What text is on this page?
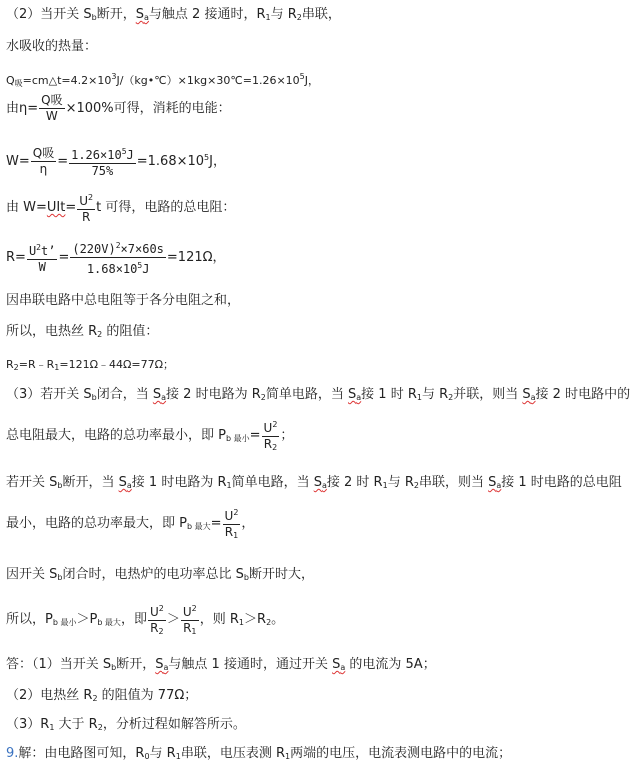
（2）当开关 $S_b$断开，$S_a$与触点 2 接通时，$R_1$与 $R_2$串联，
水吸收的热量：
$Q_吸=cm\triangle t=4.2\times 10^3J/(kg•℃)\times 1kg\times 30℃=1.26\times 10^5J$，
由$\eta= \frac{\text{Q吸}}{W} \times 100\%$可得，消耗的电能：
$W= \frac{\text{Q吸}}{\eta} = \frac{1.26\times 10^5J}{75\%} =1.68\times 10^5J$，
由 $W=UIt= \frac{U^2}{R}$ t 可得，电路的总电阻：
$R= \frac{U^2t’}{W} = \frac{(220V)^2\times 7\times 60s}{1.68\times 10^5J} =121\Omega$，
因串联电路中总电阻等于各分电阻之和，
所以，电热丝 $R_2$ 的阻值：
$R_2=R﹣R_1=121\Omega﹣44\Omega=77\Omega$；
（3）若开关 $S_b$闭合，当 $S_a$接 2 时电路为 $R_2$简单电路，当 $S_a$接 1 时 $R_1$与 $R_2$并联，则当 $S_a$接 2 时电路中的
总电阻最大，电路的总功率最小，即 $P_{b 最小}= \frac{U^2}{R_2}$ ；
若开关 $S_b$断开，当 $S_a$接 1 时电路为 $R_1$简单电路，当 $S_a$接 2 时 $R_1$与 $R_2$串联，则当 $S_a$接 1 时电路的总电阻
最小，电路的总功率最大，即 $P_{b 最大}= \frac{U^2}{R_1}$ ，
因开关 $S_b$闭合时，电热炉的电功率总比 $S_b$断开时大，
所以，$P_{b 最小}>P_{b 最大}$，即 $\frac{U^2}{R_2} > \frac{U^2}{R_1}$ ，则 $R_1>R_2$。
答：（1）当开关 $S_b$断开，$S_a$与触点 1 接通时，通过开关 $S_a$ 的电流为 5A；
（2）电热丝 $R_2$ 的阻值为 77Ω；
$(3)R_1$ 大于 $R_2$，分析过程如解答所示。
9.解：由电路图可知，$R_0$与 $R_1$串联，电压表测 $R_1$两端的电压，电流表测电路中的电流；
